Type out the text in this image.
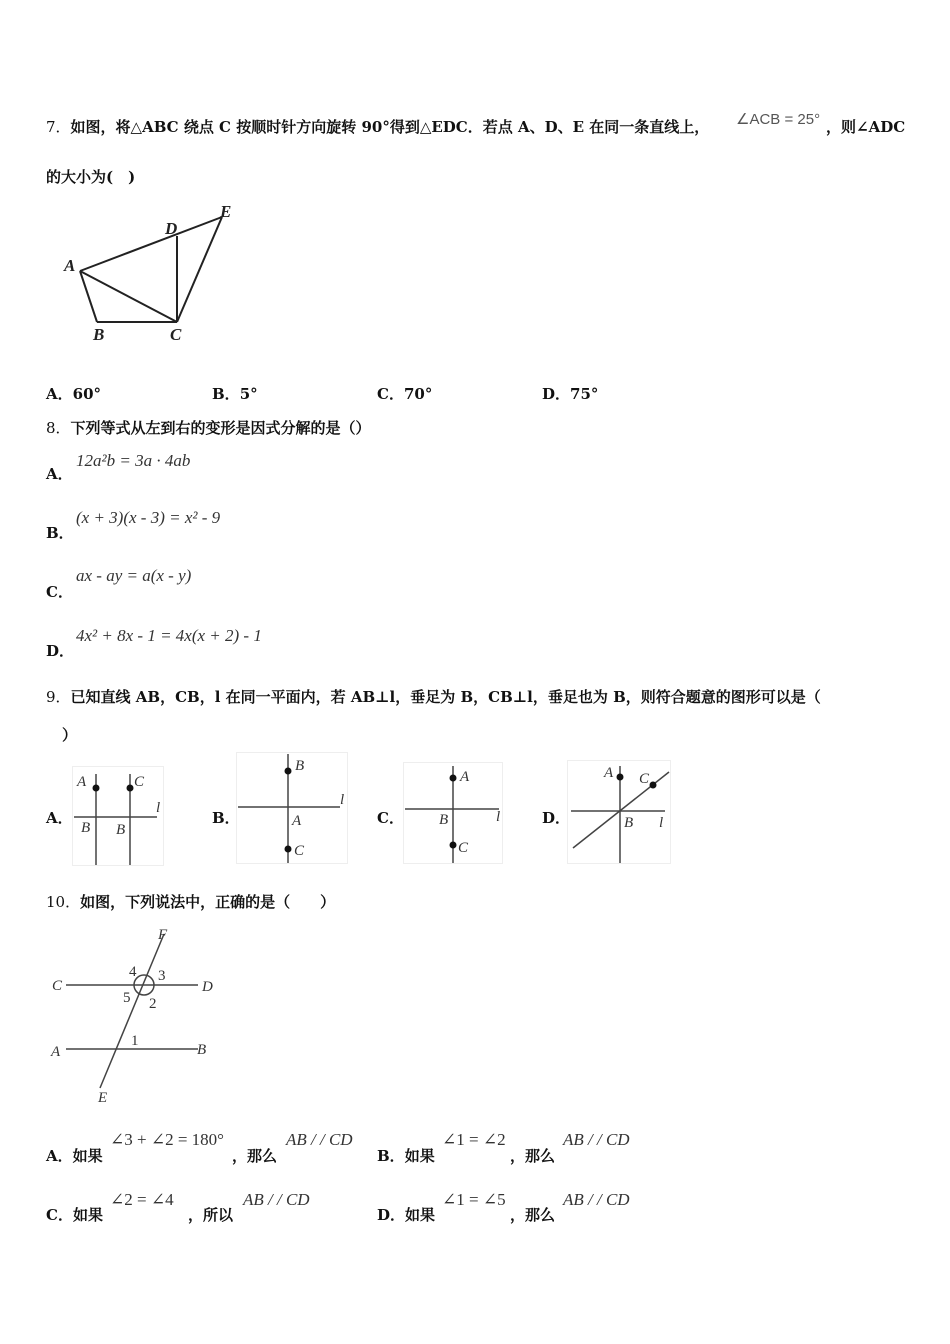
7．如图，将△ABC 绕点 C 按顺时针方向旋转 90°得到△EDC．若点 A、D、E 在同一条直线上， ∠ACB = 25° ，则∠ADC
的大小为(　)
A
B	C
D
E
A．60°	B．5°	C．70°	D．75°
8．下列等式从左到右的变形是因式分解的是（）
A．
12a²b = 3a · 4ab
B．
(x + 3)(x - 3) = x² - 9
C．
ax - ay = a(x - y)
D．
4x² + 8x - 1 = 4x(x + 2) - 1
9．已知直线 AB，CB，l 在同一平面内，若 AB⊥l，垂足为 B，CB⊥l，垂足也为 B，则符合题意的图形可以是（
）
A．
A	C
B B
l
B．
B
A
C
l
C．
A
B
C
l	D．
A C
B l
10．如图，下列说法中，正确的是（　　）
F
C	D
A	B
E
4 3
5 2
1
A．如果
∠3 + ∠2 = 180°
，那么
AB / / CD
B．如果
∠1 = ∠2
，那么
AB / / CD
C．如果
∠2 = ∠4
，所以
AB / / CD
D．如果
∠1 = ∠5
，那么
AB / / CD
